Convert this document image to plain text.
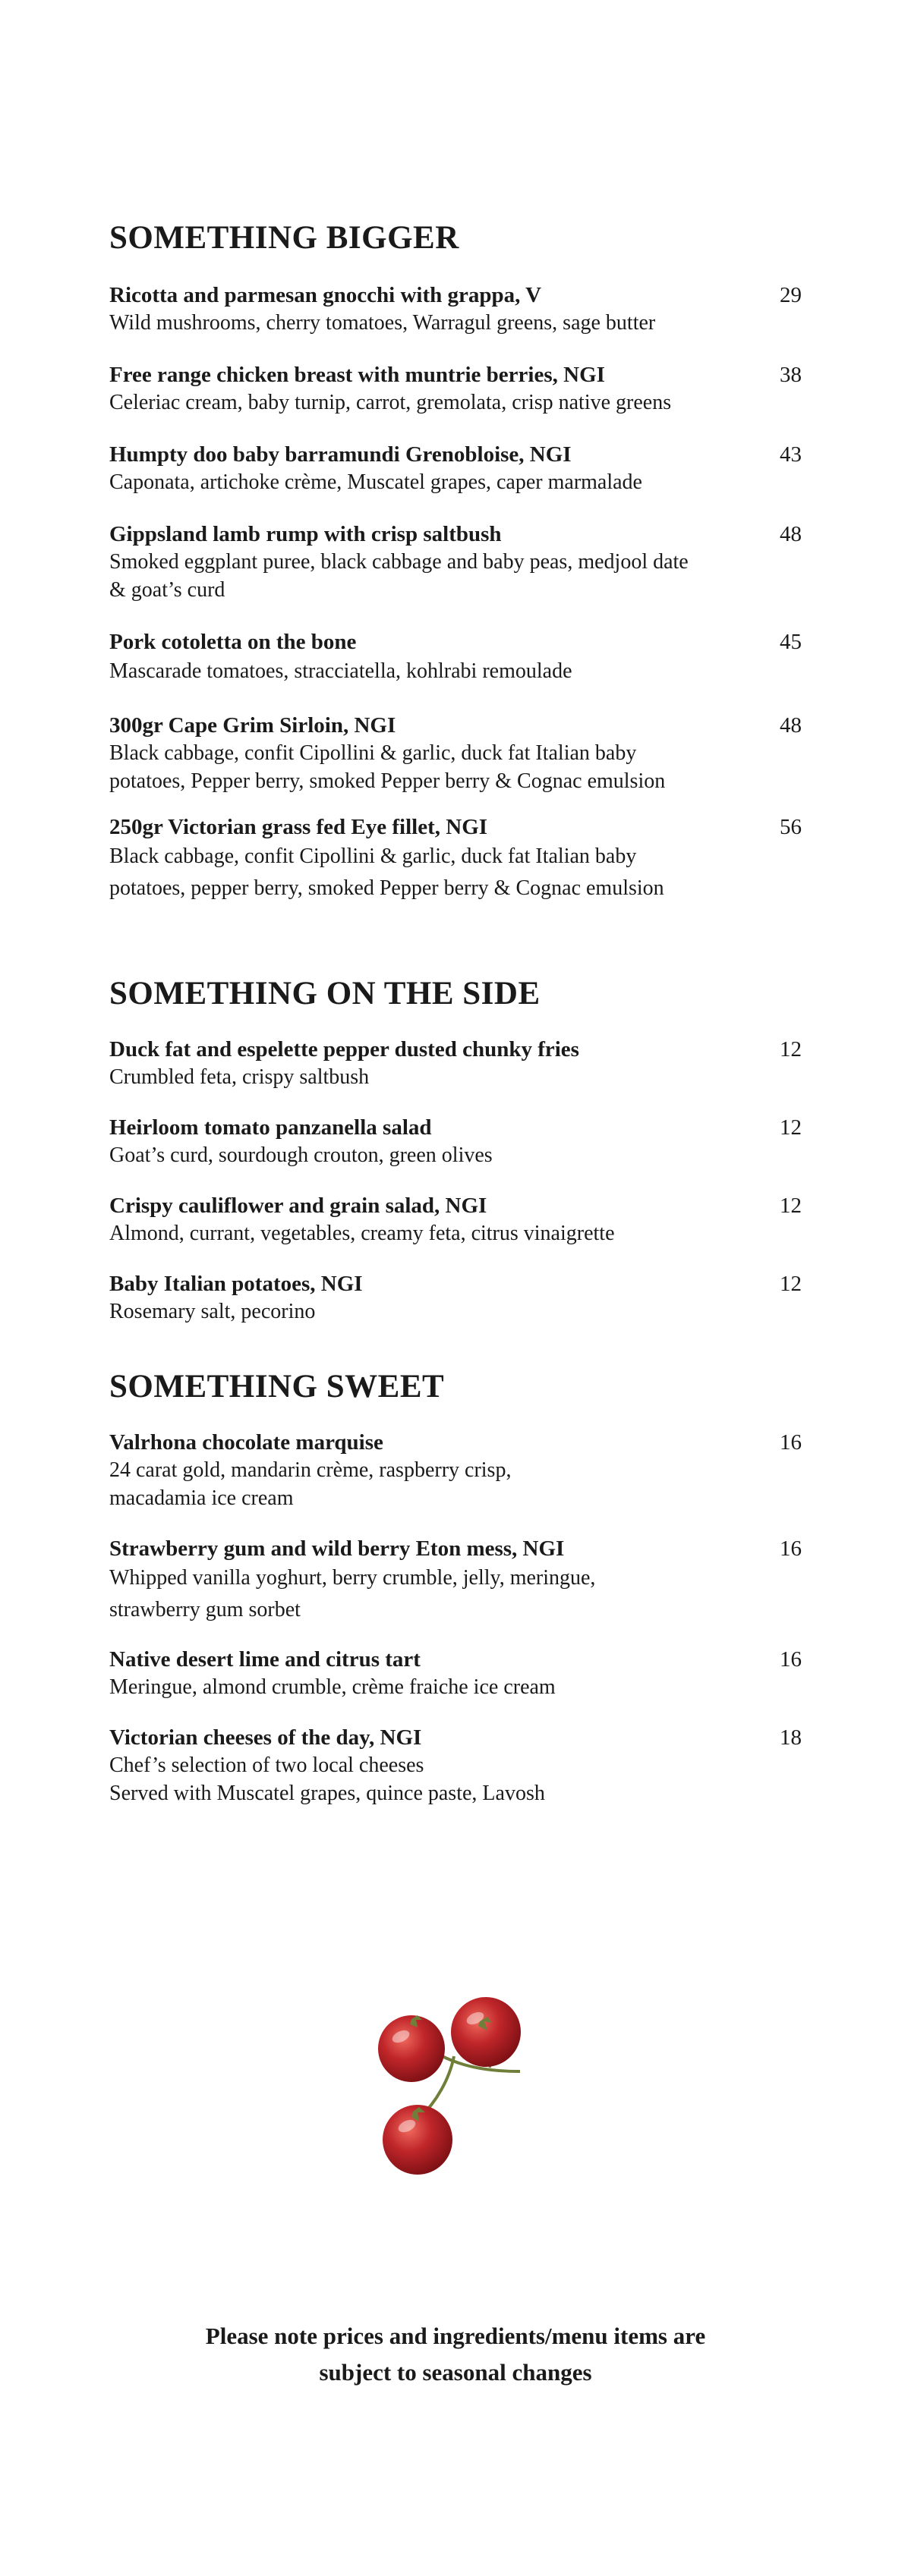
SOMETHING BIGGER
Ricotta and parmesan gnocchi with grappa, V	29
Wild mushrooms, cherry tomatoes, Warragul greens, sage butter
Free range chicken breast with muntrie berries, NGI	38
Celeriac cream, baby turnip, carrot, gremolata, crisp native greens
Humpty doo baby barramundi Grenobloise, NGI	43
Caponata, artichoke crème, Muscatel grapes, caper marmalade
Gippsland lamb rump with crisp saltbush	48
Smoked eggplant puree, black cabbage and baby peas, medjool date
& goat’s curd
Pork cotoletta on the bone	45
Mascarade tomatoes, stracciatella, kohlrabi remoulade
300gr Cape Grim Sirloin, NGI	48
Black cabbage, confit Cipollini & garlic, duck fat Italian baby
potatoes, Pepper berry, smoked Pepper berry & Cognac emulsion
250gr Victorian grass fed Eye fillet, NGI	56
Black cabbage, confit Cipollini & garlic, duck fat Italian baby
potatoes, pepper berry, smoked Pepper berry & Cognac emulsion
SOMETHING ON THE SIDE
Duck fat and espelette pepper dusted chunky fries	12
Crumbled feta, crispy saltbush
Heirloom tomato panzanella salad	12
Goat’s curd, sourdough crouton, green olives
Crispy cauliflower and grain salad, NGI	12
Almond, currant, vegetables, creamy feta, citrus vinaigrette
Baby Italian potatoes, NGI	12
Rosemary salt, pecorino
SOMETHING SWEET
Valrhona chocolate marquise	16
24 carat gold, mandarin crème, raspberry crisp,
macadamia ice cream
Strawberry gum and wild berry Eton mess, NGI	16
Whipped vanilla yoghurt, berry crumble, jelly, meringue,
strawberry gum sorbet
Native desert lime and citrus tart	16
Meringue, almond crumble, crème fraiche ice cream
Victorian cheeses of the day, NGI	18
Chef’s selection of two local cheeses
Served with Muscatel grapes, quince paste, Lavosh
Please note prices and ingredients/menu items are
subject to seasonal changes
